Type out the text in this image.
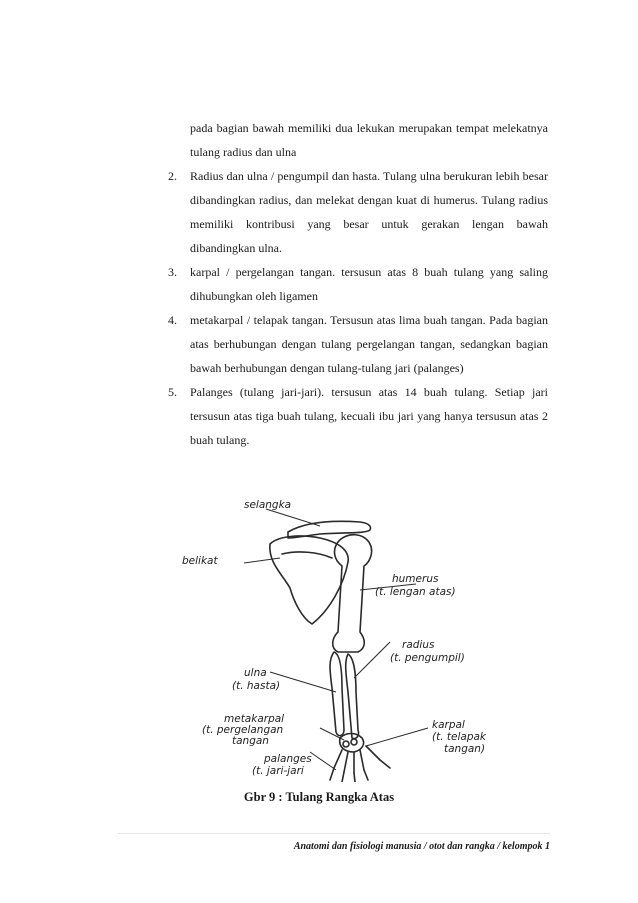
pada bagian bawah memiliki dua lekukan merupakan tempat melekatnya tulang radius dan ulna
2.	Radius dan ulna / pengumpil dan hasta. Tulang ulna berukuran lebih besar dibandingkan radius, dan melekat dengan kuat di humerus. Tulang radius memiliki kontribusi yang besar untuk gerakan lengan bawah dibandingkan ulna.
3.	karpal / pergelangan tangan. tersusun atas 8 buah tulang yang saling dihubungkan oleh ligamen
4.	metakarpal / telapak tangan. Tersusun atas lima buah tangan. Pada bagian atas berhubungan dengan tulang pergelangan tangan, sedangkan bagian bawah berhubungan dengan tulang-tulang jari (palanges)
5.	Palanges (tulang jari-jari). tersusun atas 14 buah tulang. Setiap jari tersusun atas tiga buah tulang, kecuali ibu jari yang hanya tersusun atas 2 buah tulang.
selangka
belikat
humerus
(t. lengan atas)
radius
(t. pengumpil)
ulna
(t. hasta)
metakarpal
(t. pergelangan
tangan
karpal
(t. telapak
tangan)
palanges
(t. jari-jari
Gbr 9 : Tulang Rangka Atas
Anatomi dan fisiologi manusia / otot dan rangka / kelompok 1
